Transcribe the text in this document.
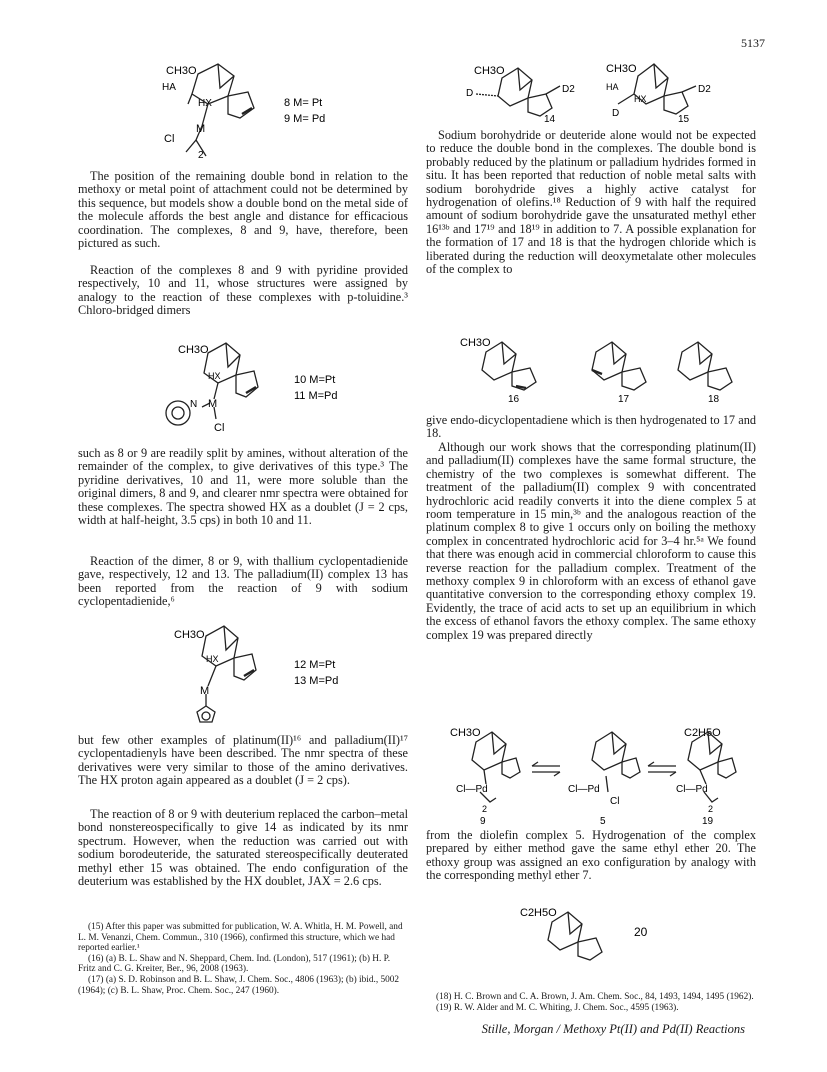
5137
CH3O
HA
HX
M
Cl
2
8 M= Pt
9 M= Pd

The position of the remaining double bond in relation to the methoxy or metal point of attachment could not be determined by this sequence, but models show a double bond on the metal side of the molecule affords the best angle and distance for efficacious coordination. The complexes, 8 and 9, have, therefore, been pictured as such.

Reaction of the complexes 8 and 9 with pyridine provided respectively, 10 and 11, whose structures were assigned by analogy to the reaction of these complexes with p-toluidine.³ Chloro-bridged dimers

CH3O
HX
M
N
Cl
10 M=Pt
11 M=Pd

such as 8 or 9 are readily split by amines, without alteration of the remainder of the complex, to give derivatives of this type.³ The pyridine derivatives, 10 and 11, were more soluble than the original dimers, 8 and 9, and clearer nmr spectra were obtained for these complexes. The spectra showed HX as a doublet (J = 2 cps, width at half-height, 3.5 cps) in both 10 and 11.

Reaction of the dimer, 8 or 9, with thallium cyclopentadienide gave, respectively, 12 and 13. The palladium(II) complex 13 has been reported from the reaction of 9 with sodium cyclopentadienide,⁶

CH3O
HX
M
12 M=Pt
13 M=Pd

but few other examples of platinum(II)¹⁶ and palladium(II)¹⁷ cyclopentadienyls have been described. The nmr spectra of these derivatives were very similar to those of the amino derivatives. The HX proton again appeared as a doublet (J = 2 cps).

The reaction of 8 or 9 with deuterium replaced the carbon–metal bond nonstereospecifically to give 14 as indicated by its nmr spectrum. However, when the reduction was carried out with sodium borodeuteride, the saturated stereospecifically deuterated methyl ether 15 was obtained. The endo configuration of the deuterium was established by the HX doublet, JAX = 2.6 cps.

(15) After this paper was submitted for publication, W. A. Whitla, H. M. Powell, and L. M. Venanzi, Chem. Commun., 310 (1966), confirmed this structure, which we had reported earlier.¹

(16) (a) B. L. Shaw and N. Sheppard, Chem. Ind. (London), 517 (1961); (b) H. P. Fritz and C. G. Kreiter, Ber., 96, 2008 (1963).

(17) (a) S. D. Robinson and B. L. Shaw, J. Chem. Soc., 4806 (1963); (b) ibid., 5002 (1964); (c) B. L. Shaw, Proc. Chem. Soc., 247 (1960).

CH3O
D	D2
14
CH3O
HA
HX
D
D2
15

Sodium borohydride or deuteride alone would not be expected to reduce the double bond in the complexes. The double bond is probably reduced by the platinum or palladium hydrides formed in situ. It has been reported that reduction of noble metal salts with sodium borohydride gives a highly active catalyst for hydrogenation of olefins.¹⁸ Reduction of 9 with half the required amount of sodium borohydride gave the unsaturated methyl ether 16¹³ᵇ and 17¹⁹ and 18¹⁹ in addition to 7. A possible explanation for the formation of 17 and 18 is that the hydrogen chloride which is liberated during the reduction will deoxymetalate other molecules of the complex to

CH3O
16	17	18

give endo-dicyclopentadiene which is then hydrogenated to 17 and 18.

Although our work shows that the corresponding platinum(II) and palladium(II) complexes have the same formal structure, the chemistry of the two complexes is somewhat different. The treatment of the palladium(II) complex 9 with concentrated hydrochloric acid readily converts it into the diene complex 5 at room temperature in 15 min,³ᵇ and the analogous reaction of the platinum complex 8 to give 1 occurs only on boiling the methoxy complex in concentrated hydrochloric acid for 3–4 hr.⁵ᵃ We found that there was enough acid in commercial chloroform to cause this reverse reaction for the palladium complex. Treatment of the methoxy complex 9 in chloroform with an excess of ethanol gave quantitative conversion to the corresponding ethoxy complex 19. Evidently, the trace of acid acts to set up an equilibrium in which the excess of ethanol favors the ethoxy complex. The same ethoxy complex 19 was prepared directly

CH3O
Cl—Pd
2
9
Cl—Pd
Cl
5
C2H5O
Cl—Pd
2
19

from the diolefin complex 5. Hydrogenation of the complex prepared by either method gave the same ethyl ether 20. The ethoxy group was assigned an exo configuration by analogy with the corresponding methyl ether 7.

C2H5O
20

(18) H. C. Brown and C. A. Brown, J. Am. Chem. Soc., 84, 1493, 1494, 1495 (1962).

(19) R. W. Alder and M. C. Whiting, J. Chem. Soc., 4595 (1963).

Stille, Morgan / Methoxy Pt(II) and Pd(II) Reactions
